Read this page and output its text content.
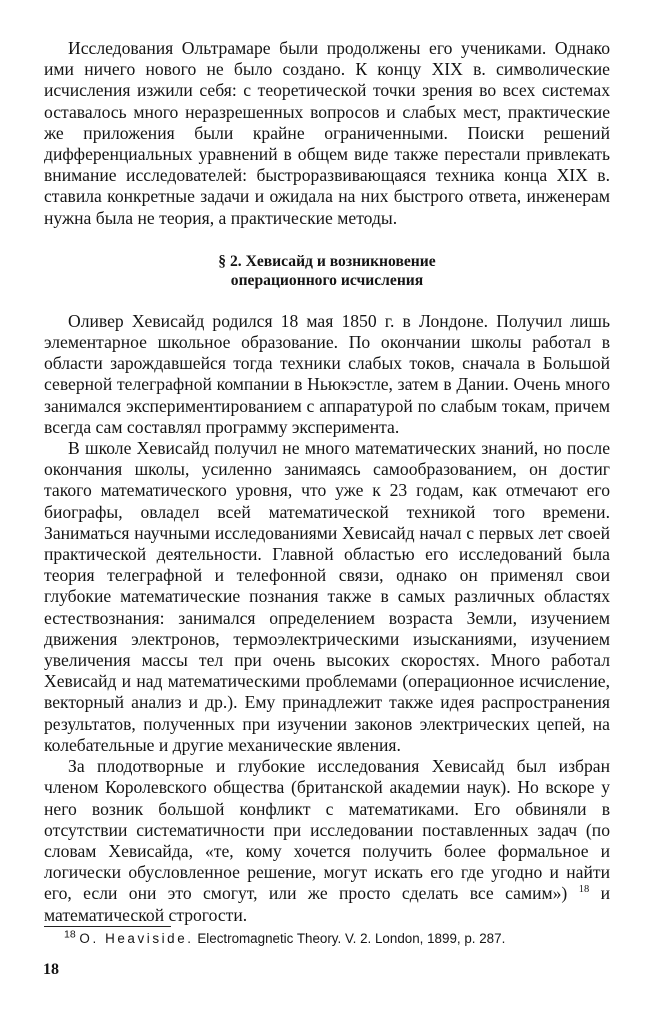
Исследования Ольтрамаре были продолжены его учениками. Однако ими ничего нового не было создано. К концу XIX в. символические исчисления изжили себя: с теоретической точки зрения во всех системах оставалось много неразрешенных вопросов и слабых мест, практические же приложения были крайне ограниченными. Поиски решений дифференциальных уравнений в общем виде также перестали привлекать внимание исследователей: быстроразвивающаяся техника конца XIX в. ставила конкретные задачи и ожидала на них быстрого ответа, инженерам нужна была не теория, а практические методы.

§ 2. Хевисайд и возникновение
операционного исчисления

Оливер Хевисайд родился 18 мая 1850 г. в Лондоне. Получил лишь элементарное школьное образование. По окончании школы работал в области зарождавшейся тогда техники слабых токов, сначала в Большой северной телеграфной компании в Ньюкэстле, затем в Дании. Очень много занимался экспериментированием с аппаратурой по слабым токам, причем всегда сам составлял программу эксперимента.

В школе Хевисайд получил не много математических знаний, но после окончания школы, усиленно занимаясь самообразованием, он достиг такого математического уровня, что уже к 23 годам, как отмечают его биографы, овладел всей математической техникой того времени. Заниматься научными исследованиями Хевисайд начал с первых лет своей практической деятельности. Главной областью его исследований была теория телеграфной и телефонной связи, однако он применял свои глубокие математические познания также в самых различных областях естествознания: занимался определением возраста Земли, изучением движения электронов, термоэлектрическими изысканиями, изучением увеличения массы тел при очень высоких скоростях. Много работал Хевисайд и над математическими проблемами (операционное исчисление, векторный анализ и др.). Ему принадлежит также идея распространения результатов, полученных при изучении законов электрических цепей, на колебательные и другие механические явления.

За плодотворные и глубокие исследования Хевисайд был избран членом Королевского общества (британской академии наук). Но вскоре у него возник большой конфликт с математиками. Его обвиняли в отсутствии систематичности при исследовании поставленных задач (по словам Хевисайда, «те, кому хочется получить более формальное и логически обусловленное решение, могут искать его где угодно и найти его, если они это смогут, или же просто сделать все самим») $^{18}$ и математической строгости.

$^{18}$ O. Heaviside. Electromagnetic Theory. V. 2. London, 1899, p. 287.

18
